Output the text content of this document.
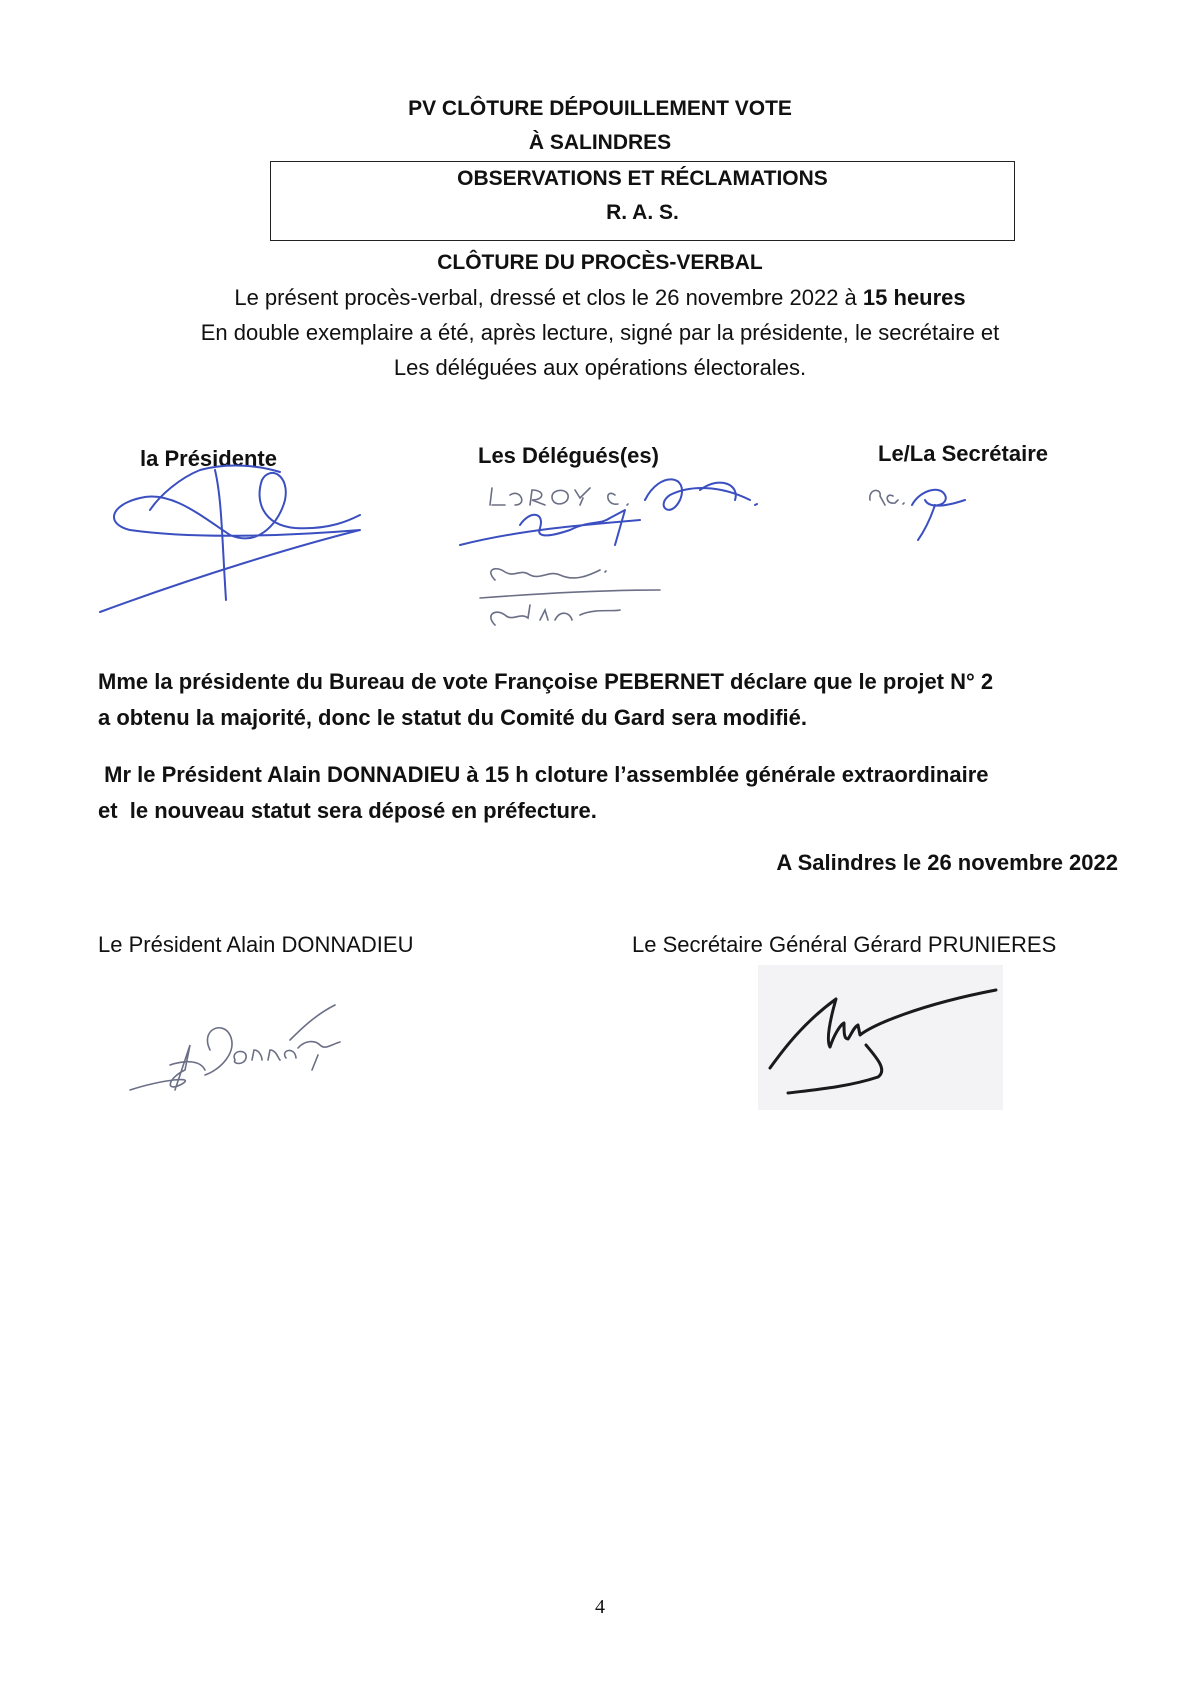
PV CLÔTURE DÉPOUILLEMENT VOTE
À SALINDRES
OBSERVATIONS ET RÉCLAMATIONS
R. A. S.
CLÔTURE DU PROCÈS-VERBAL
Le présent procès-verbal, dressé et clos le 26 novembre 2022 à 15 heures
En double exemplaire a été, après lecture, signé par la présidente, le secrétaire et
Les déléguées aux opérations électorales.
la Présidente	Les Délégués(es)	Le/La Secrétaire
Mme la présidente du Bureau de vote Françoise PEBERNET déclare que le projet N° 2
a obtenu la majorité, donc le statut du Comité du Gard sera modifié.
Mr le Président Alain DONNADIEU à 15 h cloture l’assemblée générale extraordinaire
et  le nouveau statut sera déposé en préfecture.
A Salindres le 26 novembre 2022
Le Président Alain DONNADIEU	Le Secrétaire Général Gérard PRUNIERES
4
